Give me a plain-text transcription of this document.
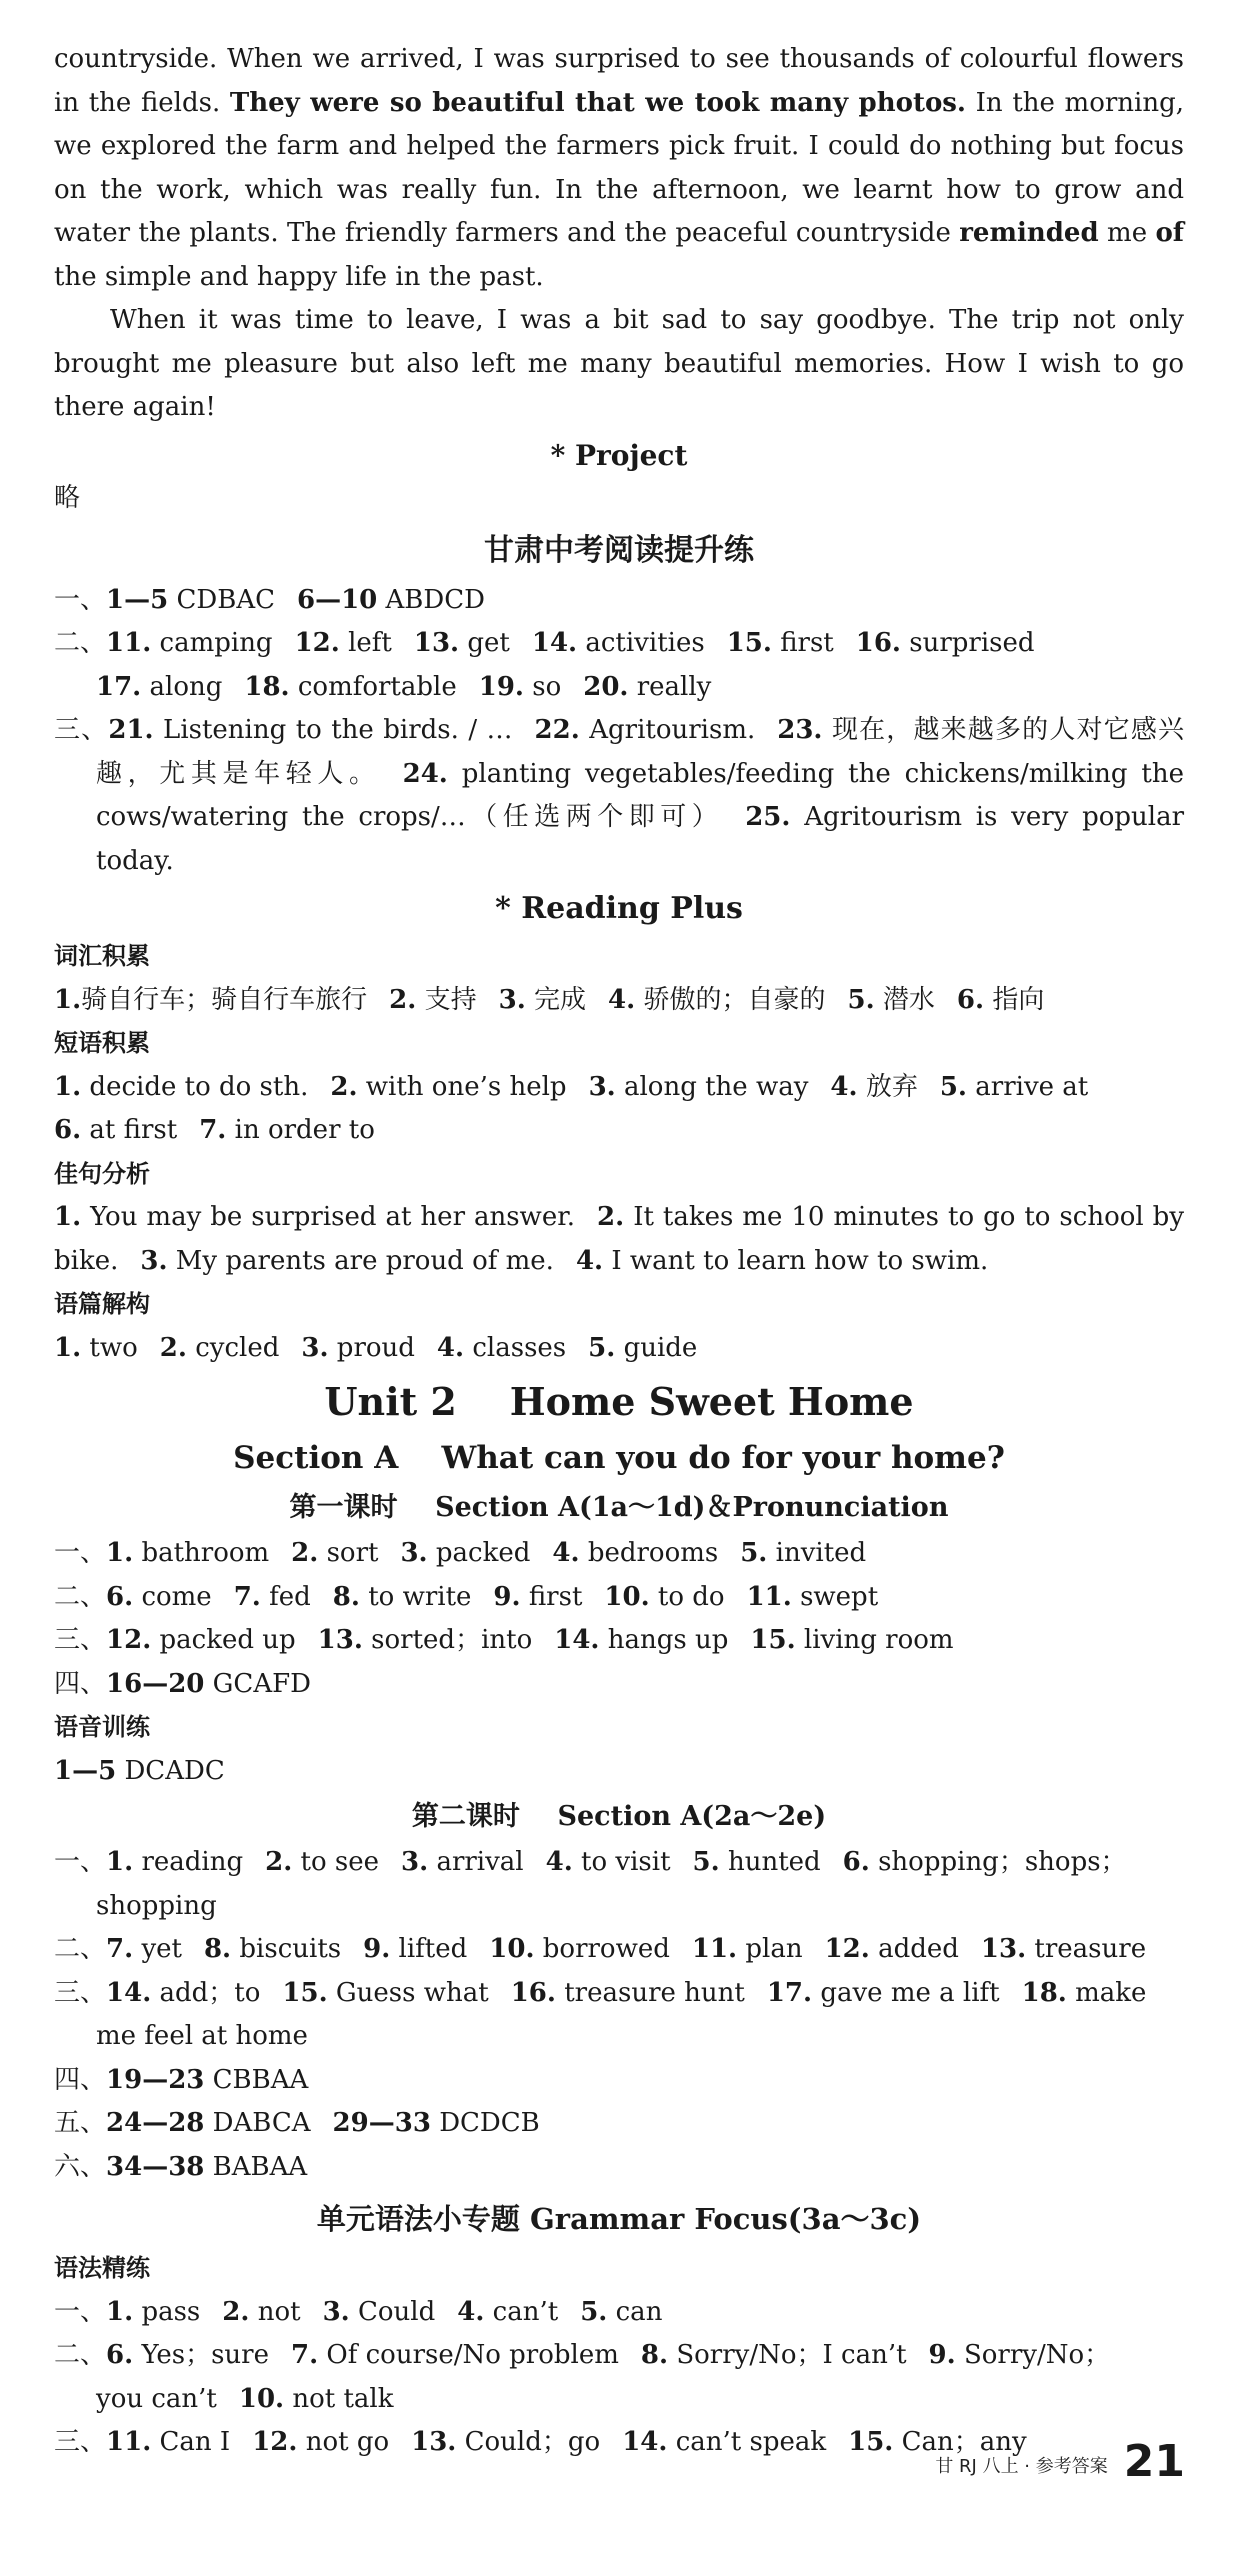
countryside. When we arrived, I was surprised to see thousands of colourful flowers in the fields. They were so beautiful that we took many photos. In the morning, we explored the farm and helped the farmers pick fruit. I could do nothing but focus on the work, which was really fun. In the afternoon, we learnt how to grow and water the plants. The friendly farmers and the peaceful countryside reminded me of the simple and happy life in the past.

When it was time to leave, I was a bit sad to say goodbye. The trip not only brought me pleasure but also left me many beautiful memories. How I wish to go there again!

* Project
略
甘肃中考阅读提升练
一、1—5 CDBAC 6—10 ABDCD
二、11. camping 12. left 13. get 14. activities 15. first 16. surprised
17. along 18. comfortable 19. so 20. really
三、21. Listening to the birds. / … 22. Agritourism. 23. 现在，越来越多的人对它感兴趣，尤其是年轻人。 24. planting vegetables/feeding the chickens/milking the cows/watering the crops/…（任选两个即可） 25. Agritourism is very popular today.
* Reading Plus
词汇积累
1.骑自行车；骑自行车旅行 2. 支持 3. 完成 4. 骄傲的；自豪的 5. 潜水 6. 指向
短语积累
1. decide to do sth. 2. with one’s help 3. along the way 4. 放弃 5. arrive at
6. at first 7. in order to
佳句分析
1. You may be surprised at her answer. 2. It takes me 10 minutes to go to school by bike. 3. My parents are proud of me. 4. I want to learn how to swim.
语篇解构
1. two 2. cycled 3. proud 4. classes 5. guide
Unit 2    Home Sweet Home
Section A    What can you do for your home?
第一课时    Section A(1a～1d)＆Pronunciation
一、1. bathroom 2. sort 3. packed 4. bedrooms 5. invited
二、6. come 7. fed 8. to write 9. first 10. to do 11. swept
三、12. packed up 13. sorted；into 14. hangs up 15. living room
四、16—20 GCAFD
语音训练
1—5 DCADC
第二课时    Section A(2a～2e)
一、1. reading 2. to see 3. arrival 4. to visit 5. hunted 6. shopping；shops；
shopping
二、7. yet 8. biscuits 9. lifted 10. borrowed 11. plan 12. added 13. treasure
三、14. add；to 15. Guess what 16. treasure hunt 17. gave me a lift 18. make
me feel at home
四、19—23 CBBAA
五、24—28 DABCA 29—33 DCDCB
六、34—38 BABAA
单元语法小专题 Grammar Focus(3a～3c)
语法精练
一、1. pass 2. not 3. Could 4. can’t 5. can
二、6. Yes；sure 7. Of course/No problem 8. Sorry/No；I can’t 9. Sorry/No；
you can’t 10. not talk
三、11. Can I 12. not go 13. Could；go 14. can’t speak 15. Can；any
甘 RJ 八上 · 参考答案 21
